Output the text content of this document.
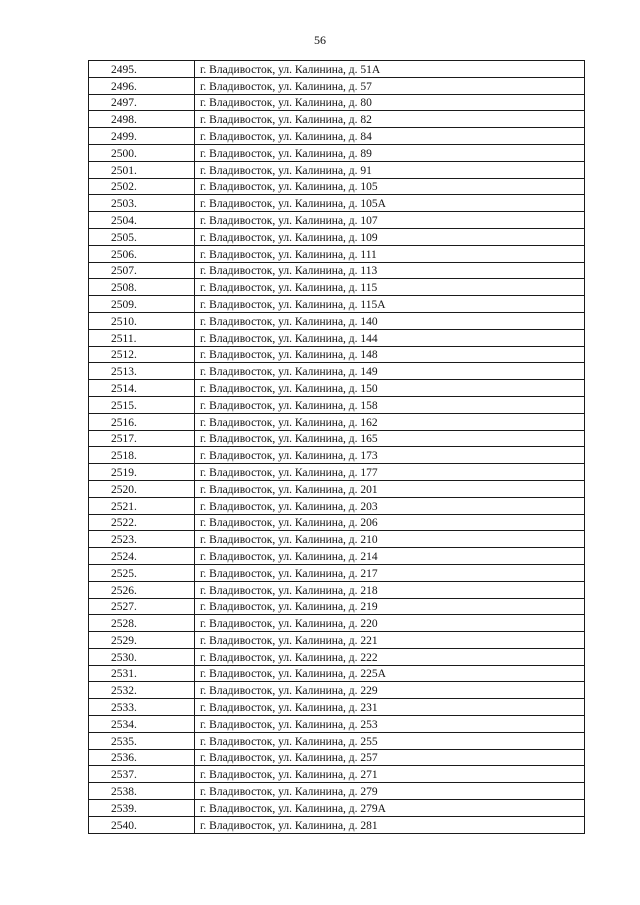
56
2495.	г. Владивосток, ул. Калинина, д. 51А
2496.	г. Владивосток, ул. Калинина, д. 57
2497.	г. Владивосток, ул. Калинина, д. 80
2498.	г. Владивосток, ул. Калинина, д. 82
2499.	г. Владивосток, ул. Калинина, д. 84
2500.	г. Владивосток, ул. Калинина, д. 89
2501.	г. Владивосток, ул. Калинина, д. 91
2502.	г. Владивосток, ул. Калинина, д. 105
2503.	г. Владивосток, ул. Калинина, д. 105А
2504.	г. Владивосток, ул. Калинина, д. 107
2505.	г. Владивосток, ул. Калинина, д. 109
2506.	г. Владивосток, ул. Калинина, д. 111
2507.	г. Владивосток, ул. Калинина, д. 113
2508.	г. Владивосток, ул. Калинина, д. 115
2509.	г. Владивосток, ул. Калинина, д. 115А
2510.	г. Владивосток, ул. Калинина, д. 140
2511.	г. Владивосток, ул. Калинина, д. 144
2512.	г. Владивосток, ул. Калинина, д. 148
2513.	г. Владивосток, ул. Калинина, д. 149
2514.	г. Владивосток, ул. Калинина, д. 150
2515.	г. Владивосток, ул. Калинина, д. 158
2516.	г. Владивосток, ул. Калинина, д. 162
2517.	г. Владивосток, ул. Калинина, д. 165
2518.	г. Владивосток, ул. Калинина, д. 173
2519.	г. Владивосток, ул. Калинина, д. 177
2520.	г. Владивосток, ул. Калинина, д. 201
2521.	г. Владивосток, ул. Калинина, д. 203
2522.	г. Владивосток, ул. Калинина, д. 206
2523.	г. Владивосток, ул. Калинина, д. 210
2524.	г. Владивосток, ул. Калинина, д. 214
2525.	г. Владивосток, ул. Калинина, д. 217
2526.	г. Владивосток, ул. Калинина, д. 218
2527.	г. Владивосток, ул. Калинина, д. 219
2528.	г. Владивосток, ул. Калинина, д. 220
2529.	г. Владивосток, ул. Калинина, д. 221
2530.	г. Владивосток, ул. Калинина, д. 222
2531.	г. Владивосток, ул. Калинина, д. 225А
2532.	г. Владивосток, ул. Калинина, д. 229
2533.	г. Владивосток, ул. Калинина, д. 231
2534.	г. Владивосток, ул. Калинина, д. 253
2535.	г. Владивосток, ул. Калинина, д. 255
2536.	г. Владивосток, ул. Калинина, д. 257
2537.	г. Владивосток, ул. Калинина, д. 271
2538.	г. Владивосток, ул. Калинина, д. 279
2539.	г. Владивосток, ул. Калинина, д. 279А
2540.	г. Владивосток, ул. Калинина, д. 281
